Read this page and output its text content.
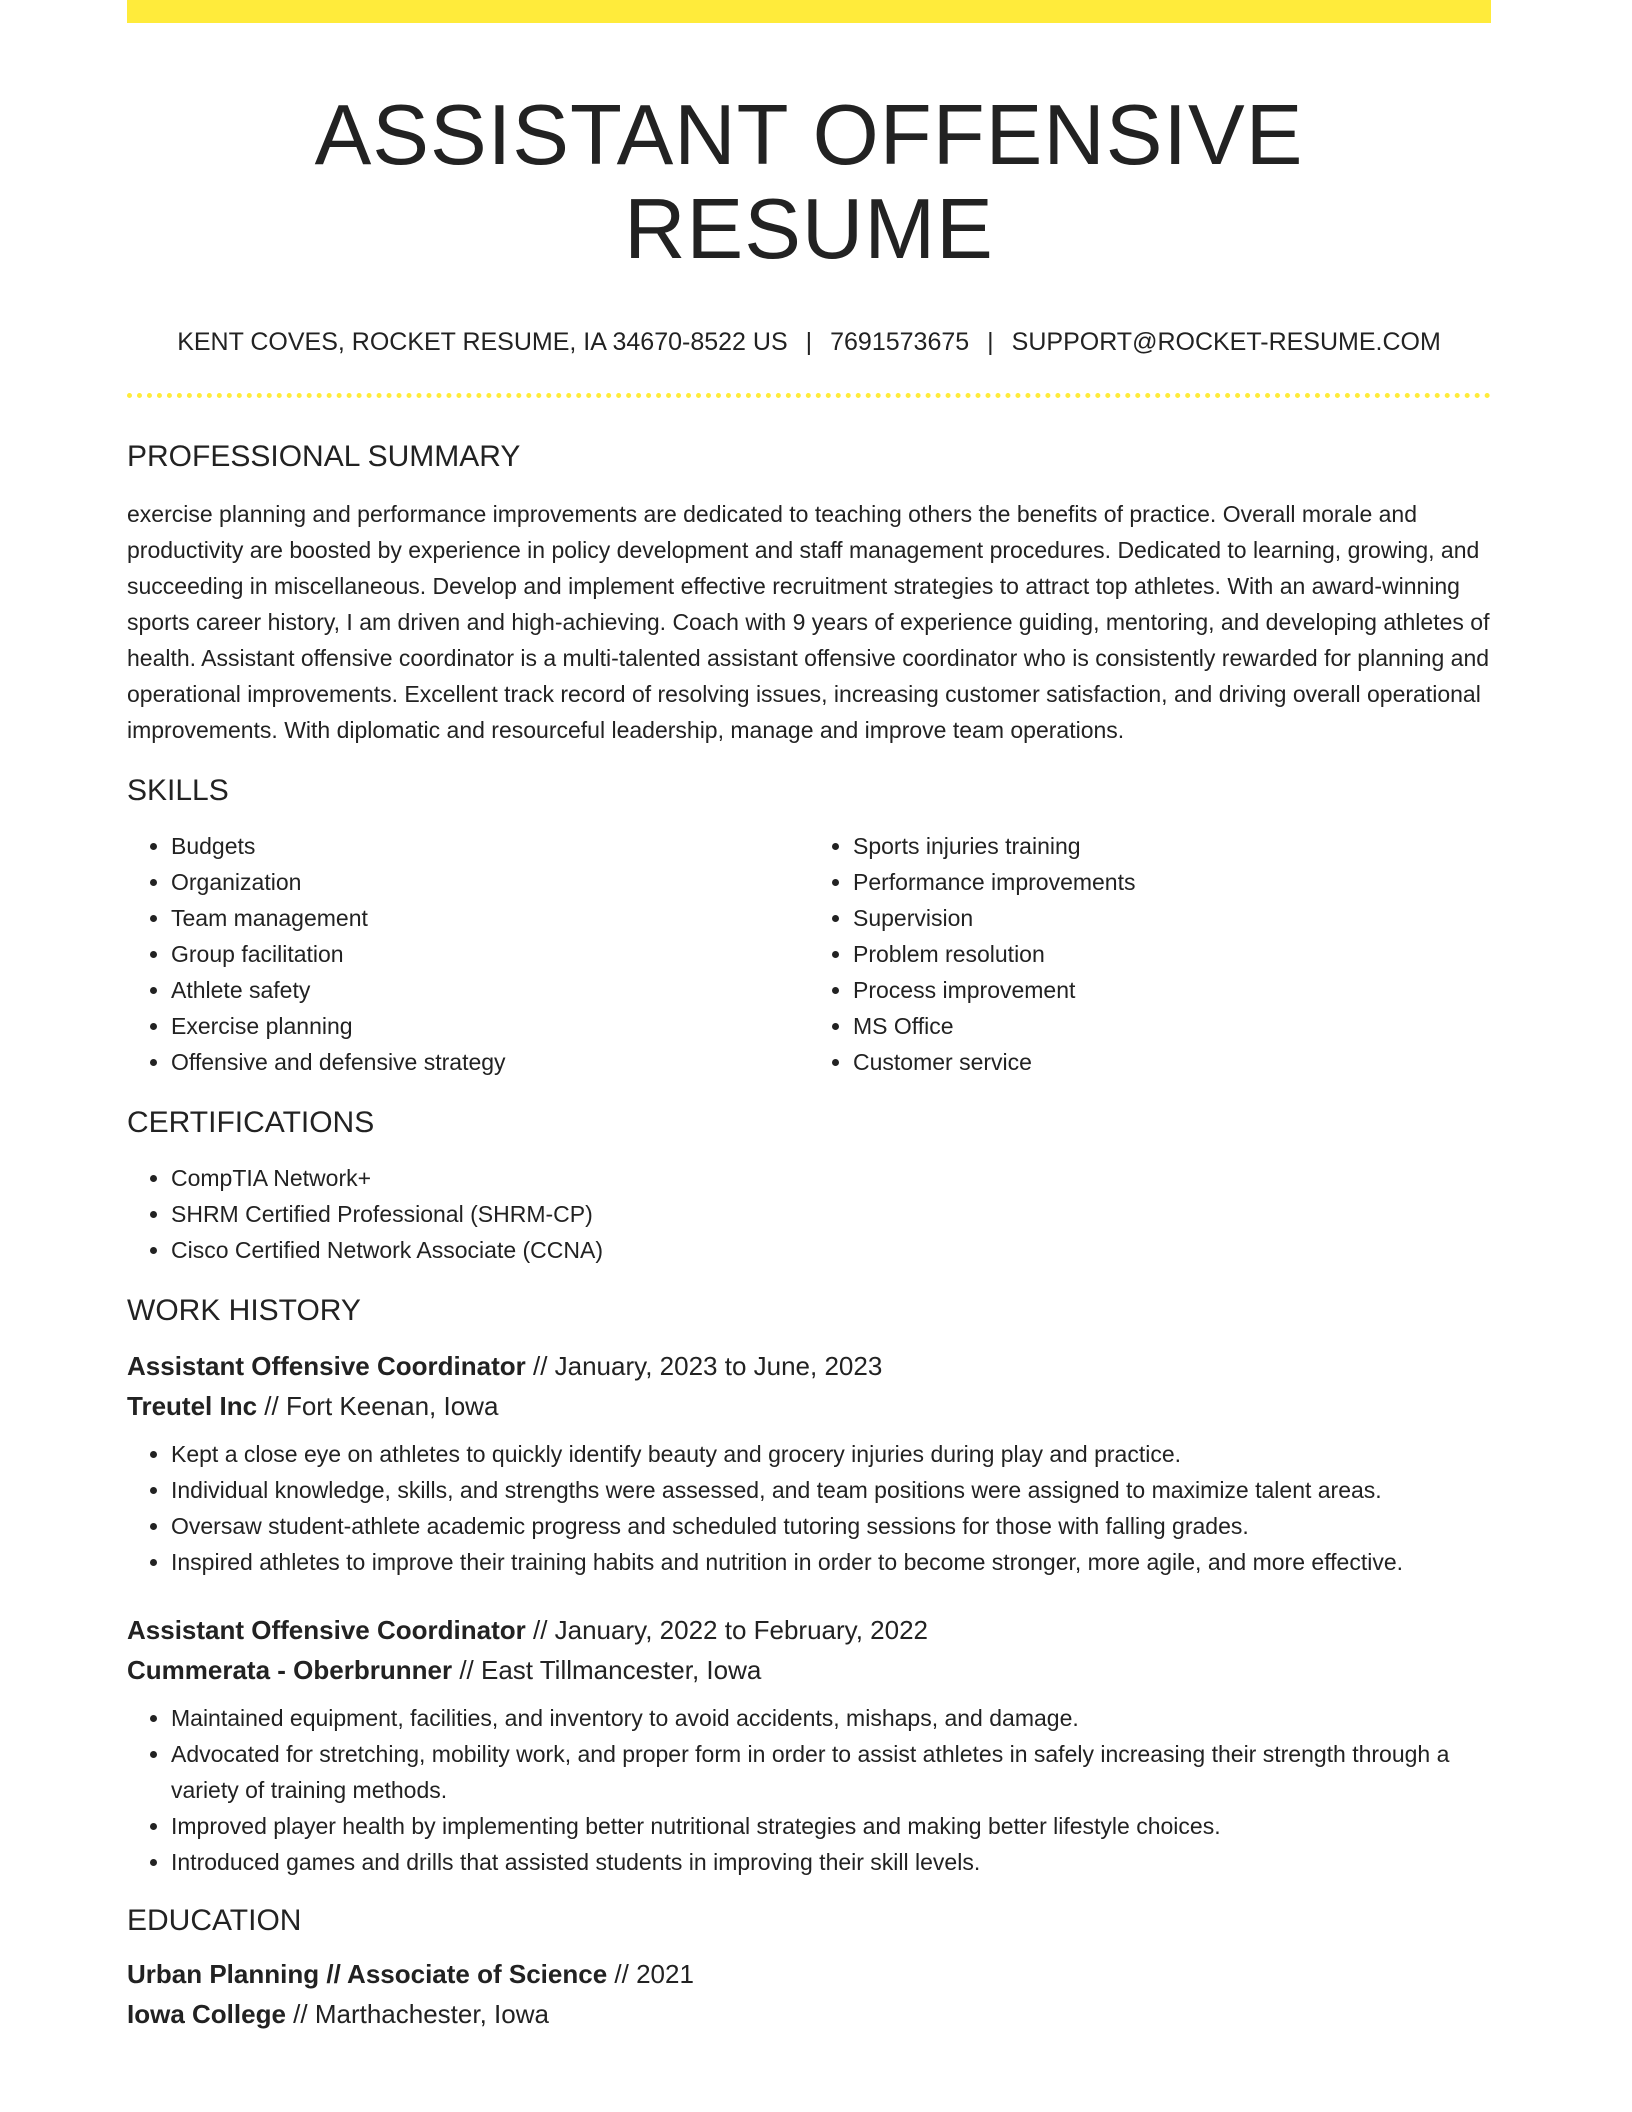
ASSISTANT OFFENSIVE RESUME
KENT COVES, ROCKET RESUME, IA 34670-8522 US | 7691573675 | SUPPORT@ROCKET-RESUME.COM
PROFESSIONAL SUMMARY

exercise planning and performance improvements are dedicated to teaching others the benefits of practice. Overall morale and productivity are boosted by experience in policy development and staff management procedures. Dedicated to learning, growing, and succeeding in miscellaneous. Develop and implement effective recruitment strategies to attract top athletes. With an award-winning sports career history, I am driven and high-achieving. Coach with 9 years of experience guiding, mentoring, and developing athletes of health. Assistant offensive coordinator is a multi-talented assistant offensive coordinator who is consistently rewarded for planning and operational improvements. Excellent track record of resolving issues, increasing customer satisfaction, and driving overall operational improvements. With diplomatic and resourceful leadership, manage and improve team operations.

SKILLS
• Budgets
• Organization
• Team management
• Group facilitation
• Athlete safety
• Exercise planning
• Offensive and defensive strategy
• Sports injuries training
• Performance improvements
• Supervision
• Problem resolution
• Process improvement
• MS Office
• Customer service
CERTIFICATIONS
• CompTIA Network+
• SHRM Certified Professional (SHRM-CP)
• Cisco Certified Network Associate (CCNA)
WORK HISTORY
Assistant Offensive Coordinator // January, 2023 to June, 2023
Treutel Inc // Fort Keenan, Iowa
• Kept a close eye on athletes to quickly identify beauty and grocery injuries during play and practice.
• Individual knowledge, skills, and strengths were assessed, and team positions were assigned to maximize talent areas.
• Oversaw student-athlete academic progress and scheduled tutoring sessions for those with falling grades.
• Inspired athletes to improve their training habits and nutrition in order to become stronger, more agile, and more effective.
Assistant Offensive Coordinator // January, 2022 to February, 2022
Cummerata - Oberbrunner // East Tillmancester, Iowa
• Maintained equipment, facilities, and inventory to avoid accidents, mishaps, and damage.
• Advocated for stretching, mobility work, and proper form in order to assist athletes in safely increasing their strength through a variety of training methods.
• Improved player health by implementing better nutritional strategies and making better lifestyle choices.
• Introduced games and drills that assisted students in improving their skill levels.
EDUCATION
Urban Planning // Associate of Science // 2021
Iowa College // Marthachester, Iowa
